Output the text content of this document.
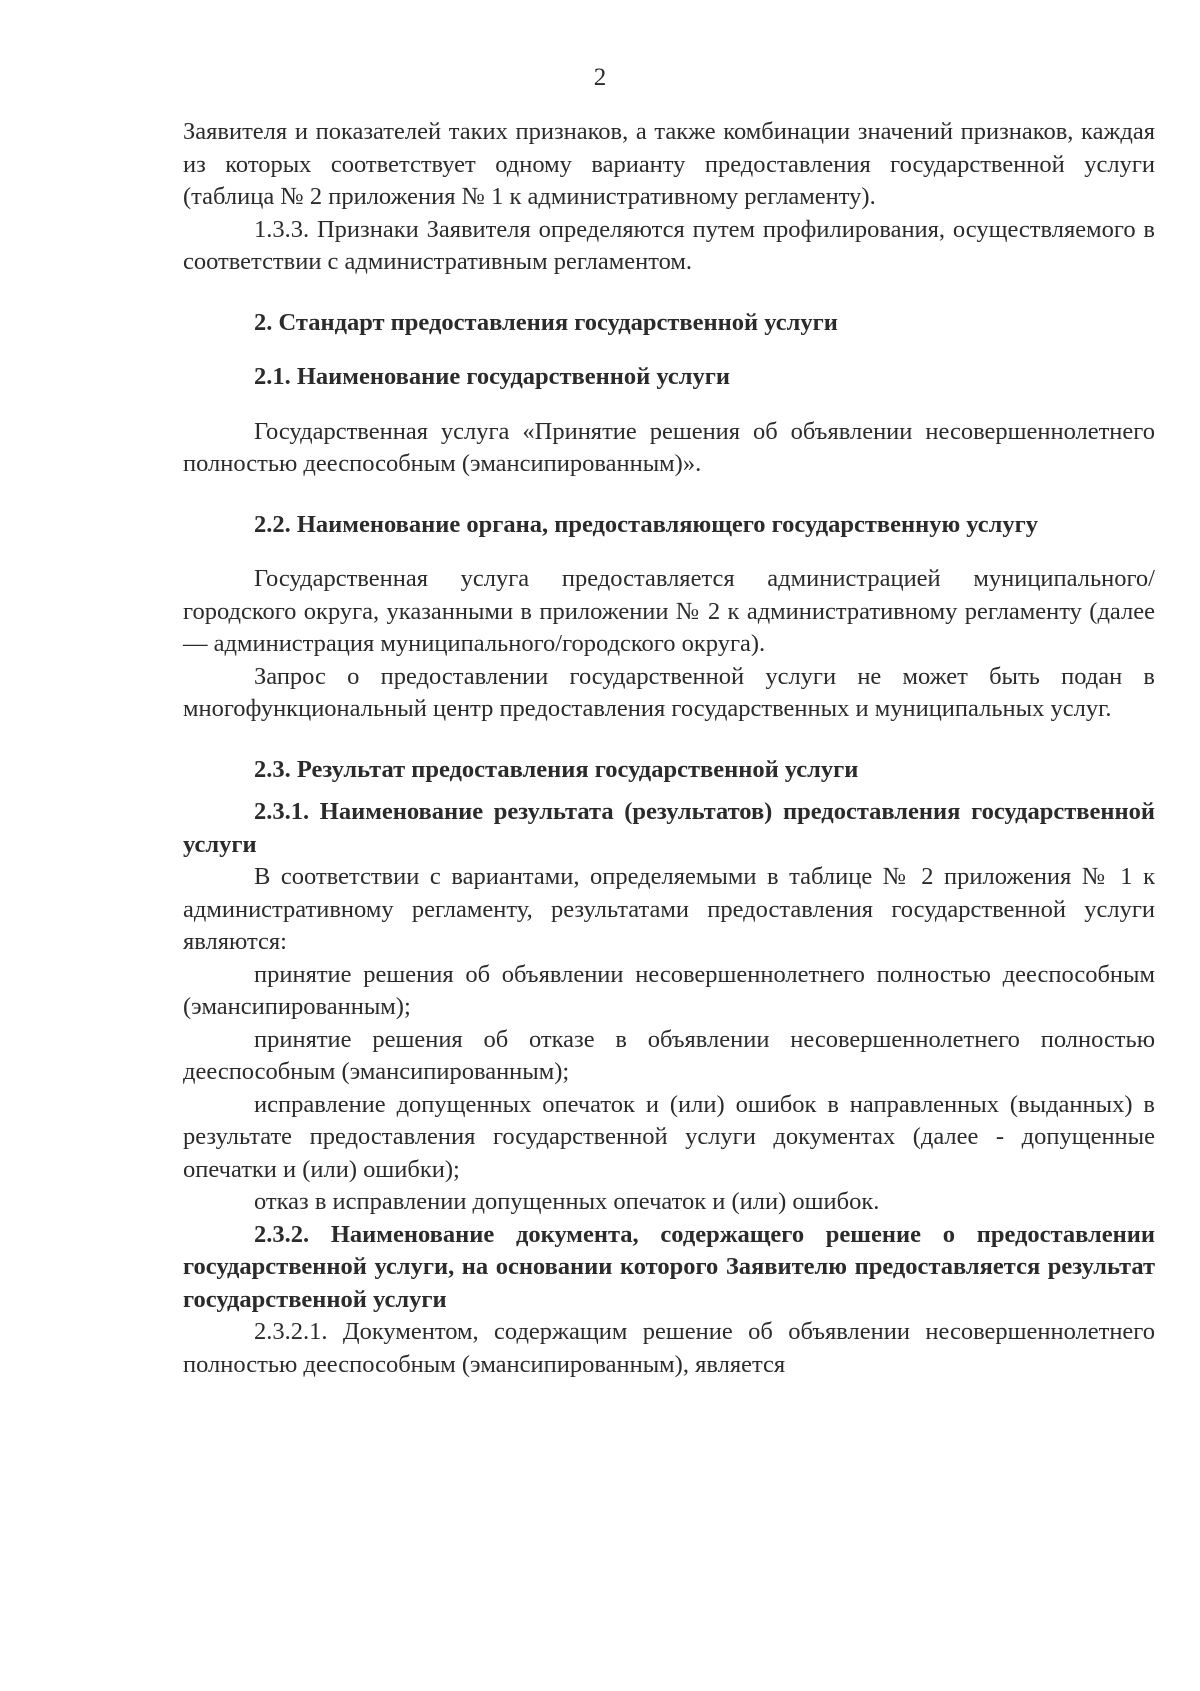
2

Заявителя и показателей таких признаков, а также комбинации значений признаков, каждая из которых соответствует одному варианту предоставления государственной услуги (таблица № 2 приложения № 1 к административному регламенту).

1.3.3. Признаки Заявителя определяются путем профилирования, осуществляемого в соответствии с административным регламентом.

2. Стандарт предоставления государственной услуги

2.1. Наименование государственной услуги

Государственная услуга «Принятие решения об объявлении несовершеннолетнего полностью дееспособным (эмансипированным)».

2.2. Наименование органа, предоставляющего государственную услугу

Государственная услуга предоставляется администрацией муниципального/городского округа, указанными в приложении № 2 к административному регламенту (далее — администрация муниципального/городского округа).

Запрос о предоставлении государственной услуги не может быть подан в многофункциональный центр предоставления государственных и муниципальных услуг.

2.3. Результат предоставления государственной услуги

2.3.1. Наименование результата (результатов) предоставления государственной услуги

В соответствии с вариантами, определяемыми в таблице № 2 приложения № 1 к административному регламенту, результатами предоставления государственной услуги являются:

принятие решения об объявлении несовершеннолетнего полностью дееспособным (эмансипированным);

принятие решения об отказе в объявлении несовершеннолетнего полностью дееспособным (эмансипированным);

исправление допущенных опечаток и (или) ошибок в направленных (выданных) в результате предоставления государственной услуги документах (далее - допущенные опечатки и (или) ошибки);

отказ в исправлении допущенных опечаток и (или) ошибок.

2.3.2. Наименование документа, содержащего решение о предоставлении государственной услуги, на основании которого Заявителю предоставляется результат государственной услуги

2.3.2.1. Документом, содержащим решение об объявлении несовершеннолетнего полностью дееспособным (эмансипированным), является
